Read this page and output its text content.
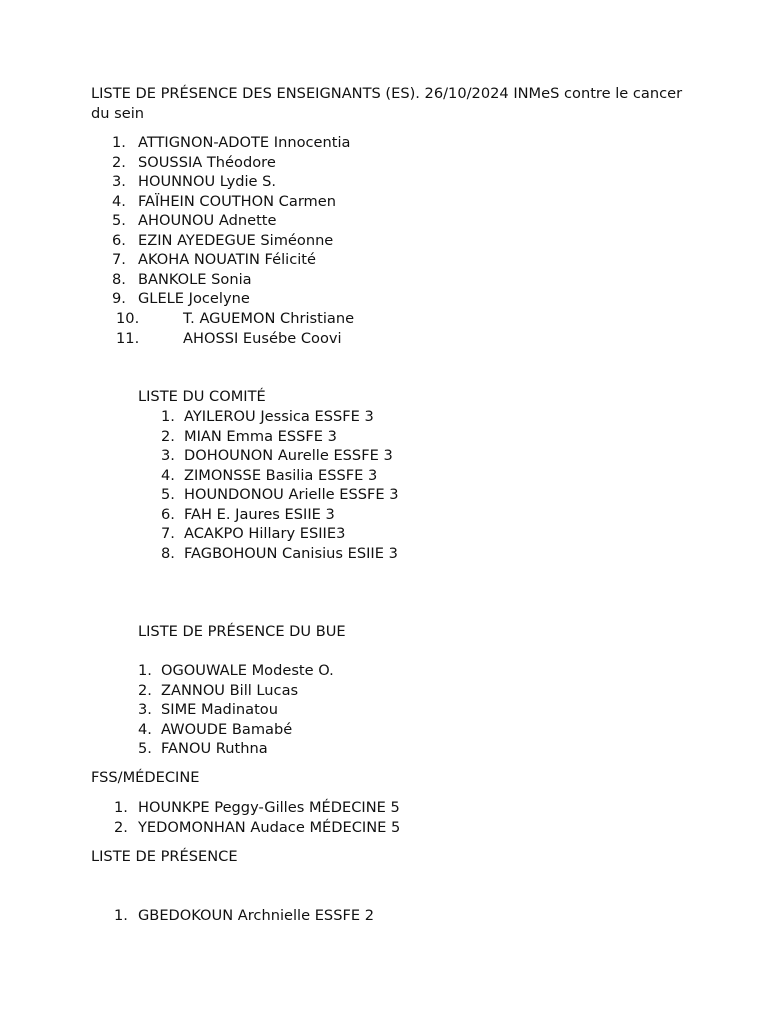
LISTE DE PRÉSENCE DES ENSEIGNANTS (ES). 26/10/2024 INMeS contre le cancer du sein
1. ATTIGNON-ADOTE Innocentia
2. SOUSSIA Théodore
3. HOUNNOU Lydie S.
4. FAÏHEIN COUTHON Carmen
5. AHOUNOU Adnette
6. EZIN AYEDEGUE Siméonne
7. AKOHA NOUATIN Félicité
8. BANKOLE Sonia
9. GLELE Jocelyne
10.	T. AGUEMON Christiane
11.	AHOSSI Eusébe Coovi
LISTE DU COMITÉ
1. AYILEROU Jessica ESSFE 3
2. MIAN Emma ESSFE 3
3. DOHOUNON Aurelle ESSFE 3
4. ZIMONSSE Basilia ESSFE 3
5. HOUNDONOU Arielle ESSFE 3
6. FAH E. Jaures ESIIE 3
7. ACAKPO Hillary ESIIE3
8. FAGBOHOUN Canisius ESIIE 3
LISTE DE PRÉSENCE DU BUE
1. OGOUWALE Modeste O.
2. ZANNOU Bill Lucas
3. SIME Madinatou
4. AWOUDE Bamabé
5. FANOU Ruthna
FSS/MÉDECINE
1. HOUNKPE Peggy-Gilles MÉDECINE 5
2. YEDOMONHAN Audace MÉDECINE 5
LISTE DE PRÉSENCE
1. GBEDOKOUN Archnielle ESSFE 2
